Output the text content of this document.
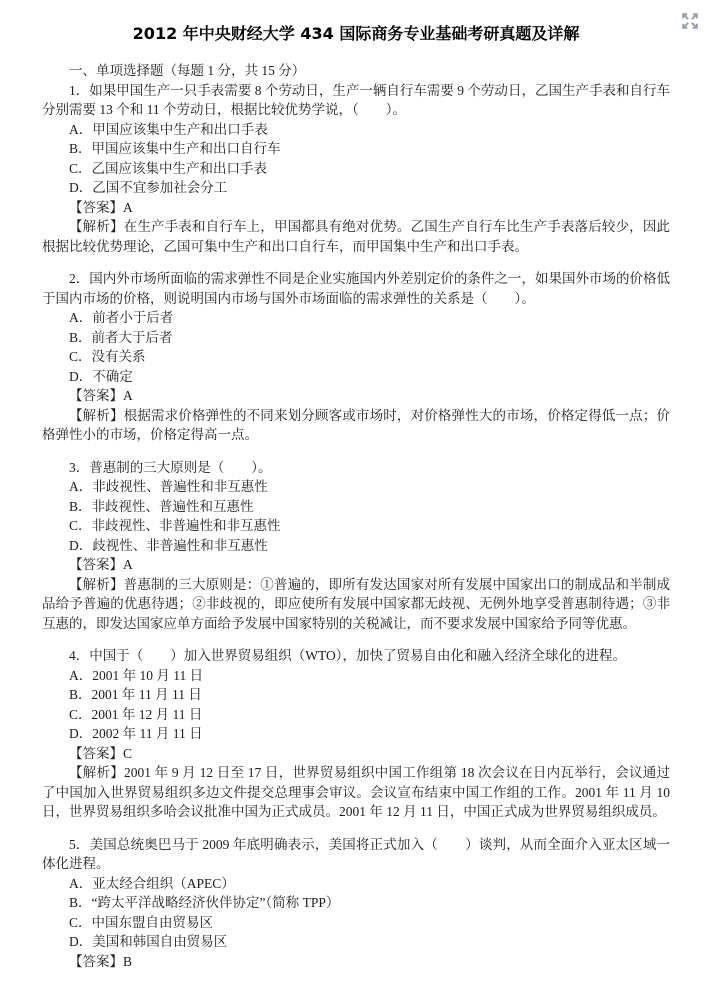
2012 年中央财经大学 434 国际商务专业基础考研真题及详解

一、单项选择题（每题 1 分，共 15 分）

1．如果甲国生产一只手表需要 8 个劳动日，生产一辆自行车需要 9 个劳动日，乙国生产手表和自行车分别需要 13 个和 11 个劳动日，根据比较优势学说，（　　）。

A．甲国应该集中生产和出口手表

B．甲国应该集中生产和出口自行车

C．乙国应该集中生产和出口手表

D．乙国不宜参加社会分工

【答案】A

【解析】在生产手表和自行车上，甲国都具有绝对优势。乙国生产自行车比生产手表落后较少，因此根据比较优势理论，乙国可集中生产和出口自行车，而甲国集中生产和出口手表。

2．国内外市场所面临的需求弹性不同是企业实施国内外差别定价的条件之一，如果国外市场的价格低于国内市场的价格，则说明国内市场与国外市场面临的需求弹性的关系是（　　）。

A．前者小于后者

B．前者大于后者

C．没有关系

D．不确定

【答案】A

【解析】根据需求价格弹性的不同来划分顾客或市场时，对价格弹性大的市场，价格定得低一点；价格弹性小的市场，价格定得高一点。

3．普惠制的三大原则是（　　）。

A．非歧视性、普遍性和非互惠性

B．非歧视性、普遍性和互惠性

C．非歧视性、非普遍性和非互惠性

D．歧视性、非普遍性和非互惠性

【答案】A

【解析】普惠制的三大原则是：①普遍的，即所有发达国家对所有发展中国家出口的制成品和半制成品给予普遍的优惠待遇；②非歧视的，即应使所有发展中国家都无歧视、无例外地享受普惠制待遇；③非互惠的，即发达国家应单方面给予发展中国家特别的关税减让，而不要求发展中国家给予同等优惠。

4．中国于（　　）加入世界贸易组织（WTO），加快了贸易自由化和融入经济全球化的进程。

A．2001 年 10 月 11 日

B．2001 年 11 月 11 日

C．2001 年 12 月 11 日

D．2002 年 11 月 11 日

【答案】C

【解析】2001 年 9 月 12 日至 17 日，世界贸易组织中国工作组第 18 次会议在日内瓦举行，会议通过了中国加入世界贸易组织多边文件提交总理事会审议。会议宣布结束中国工作组的工作。2001 年 11 月 10 日，世界贸易组织多哈会议批准中国为正式成员。2001 年 12 月 11 日，中国正式成为世界贸易组织成员。

5．美国总统奥巴马于 2009 年底明确表示，美国将正式加入（　　）谈判，从而全面介入亚太区域一体化进程。

A．亚太经合组织（APEC）

B．“跨太平洋战略经济伙伴协定”（简称 TPP）

C．中国东盟自由贸易区

D．美国和韩国自由贸易区

【答案】B
